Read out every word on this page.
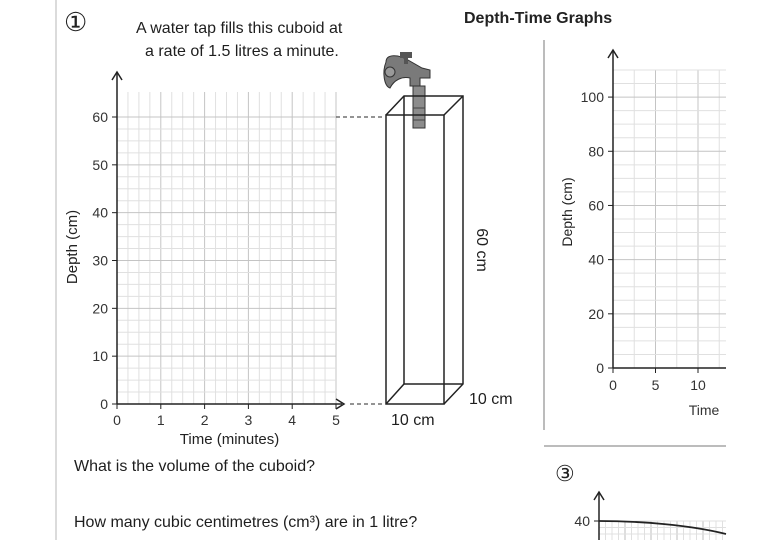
①	A water tap fills this cuboid at
a rate of 1.5 litres a minute.
Depth-Time Graphs
0	1	2	3	4	5
0
10
20
30
40
50
60
Time (minutes)
Depth (cm)	60 cm
10 cm
10 cm
What is the volume of the cuboid?
How many cubic centimetres (cm³) are in 1 litre?
0
20
40
60
80
100
0 5 10
Time
Depth (cm)
③
40
